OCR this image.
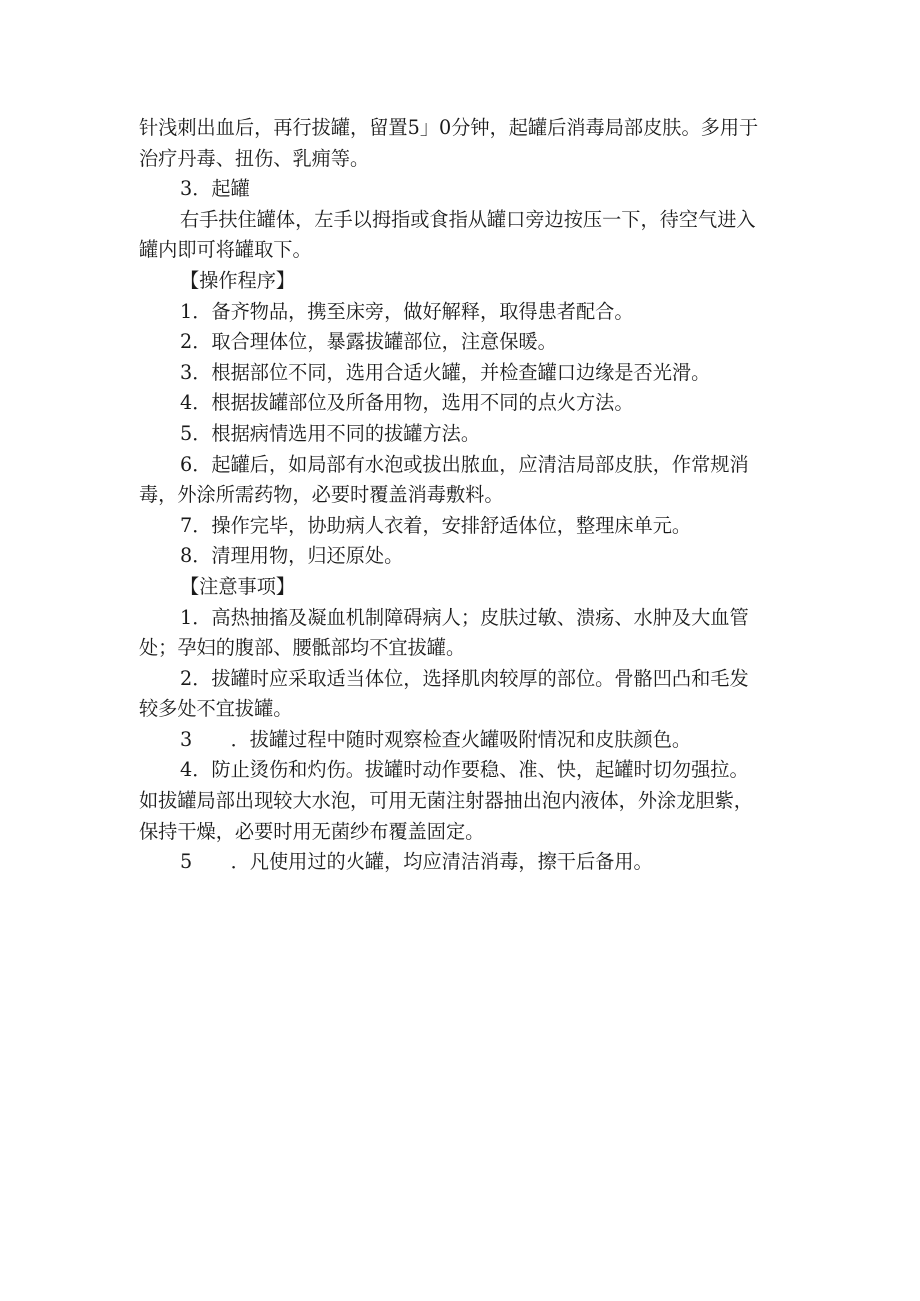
针浅刺出血后，再行拔罐，留置5」0分钟，起罐后消毒局部皮肤。多用于
治疗丹毒、扭伤、乳痈等。
3．起罐
右手扶住罐体，左手以拇指或食指从罐口旁边按压一下，待空气进入
罐内即可将罐取下。
【操作程序】
1．备齐物品，携至床旁，做好解释，取得患者配合。
2．取合理体位，暴露拔罐部位，注意保暖。
3．根据部位不同，选用合适火罐，并检查罐口边缘是否光滑。
4．根据拔罐部位及所备用物，选用不同的点火方法。
5．根据病情选用不同的拔罐方法。
6．起罐后，如局部有水泡或拔出脓血，应清洁局部皮肤，作常规消
毒，外涂所需药物，必要时覆盖消毒敷料。
7．操作完毕，协助病人衣着，安排舒适体位，整理床单元。
8．清理用物，归还原处。
【注意事项】
1．高热抽搐及凝血机制障碍病人；皮肤过敏、溃疡、水肿及大血管
处；孕妇的腹部、腰骶部均不宜拔罐。
2．拔罐时应采取适当体位，选择肌肉较厚的部位。骨骼凹凸和毛发
较多处不宜拔罐。
3　　．拔罐过程中随时观察检查火罐吸附情况和皮肤颜色。
4．防止烫伤和灼伤。拔罐时动作要稳、准、快，起罐时切勿强拉。
如拔罐局部出现较大水泡，可用无菌注射器抽出泡内液体，外涂龙胆紫，
保持干燥，必要时用无菌纱布覆盖固定。
5　　．凡使用过的火罐，均应清洁消毒，擦干后备用。
